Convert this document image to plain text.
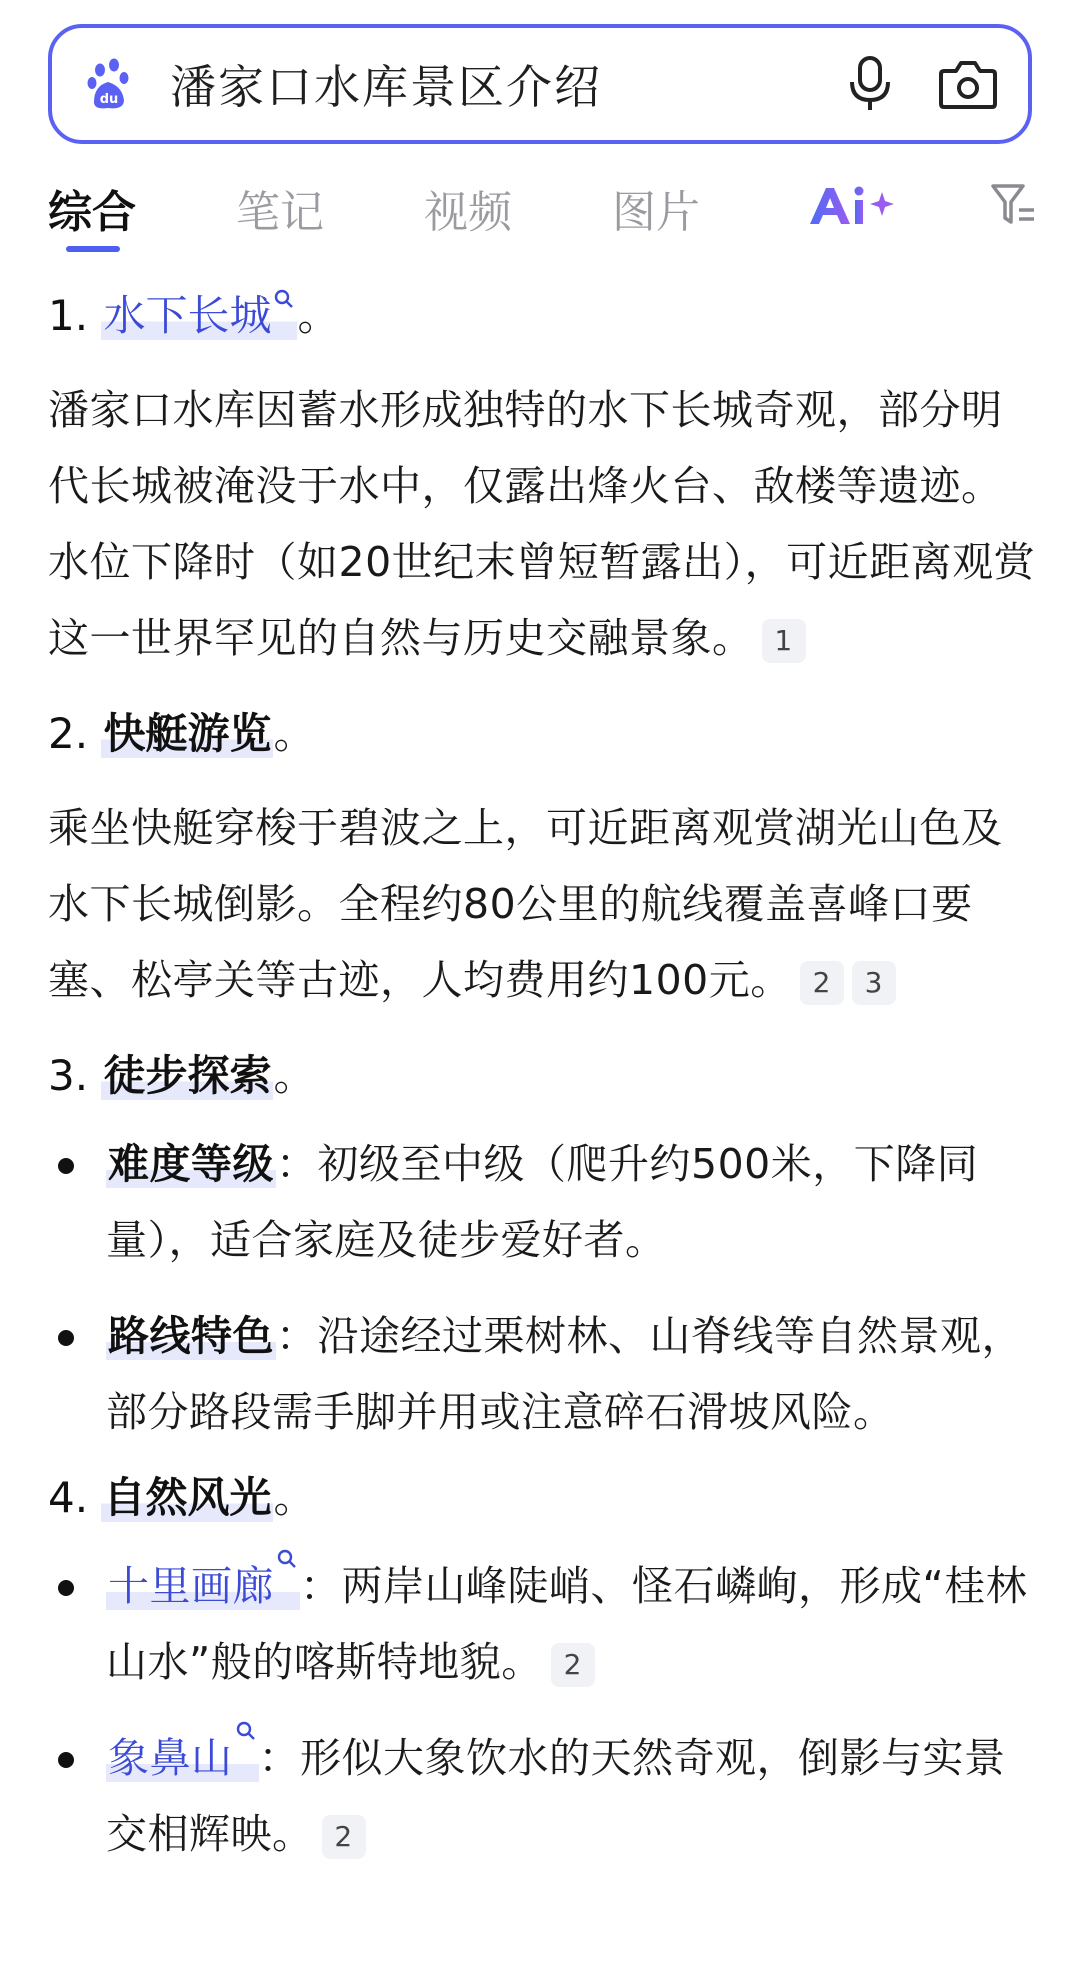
du 潘家口水库景区介绍
综合 笔记 视频 图片
1. 水下长城 。

潘家口水库因蓄水形成独特的水下长城奇观，部分明代长城被淹没于水中，仅露出烽火台、敌楼等遗迹。水位下降时（如20世纪末曾短暂露出），可近距离观赏这一世界罕见的自然与历史交融景象。 1

2. 快艇游览。

乘坐快艇穿梭于碧波之上，可近距离观赏湖光山色及水下长城倒影。全程约80公里的航线覆盖喜峰口要塞、松亭关等古迹，人均费用约100元。 2 3

3. 徒步探索。
难度等级：初级至中级（爬升约500米，下降同量），适合家庭及徒步爱好者。
路线特色：沿途经过栗树林、山脊线等自然景观，部分路段需手脚并用或注意碎石滑坡风险。
4. 自然风光。
十里画廊 ：两岸山峰陡峭、怪石嶙峋，形成“桂林山水”般的喀斯特地貌。 2
象鼻山 ：形似大象饮水的天然奇观，倒影与实景交相辉映。 2
